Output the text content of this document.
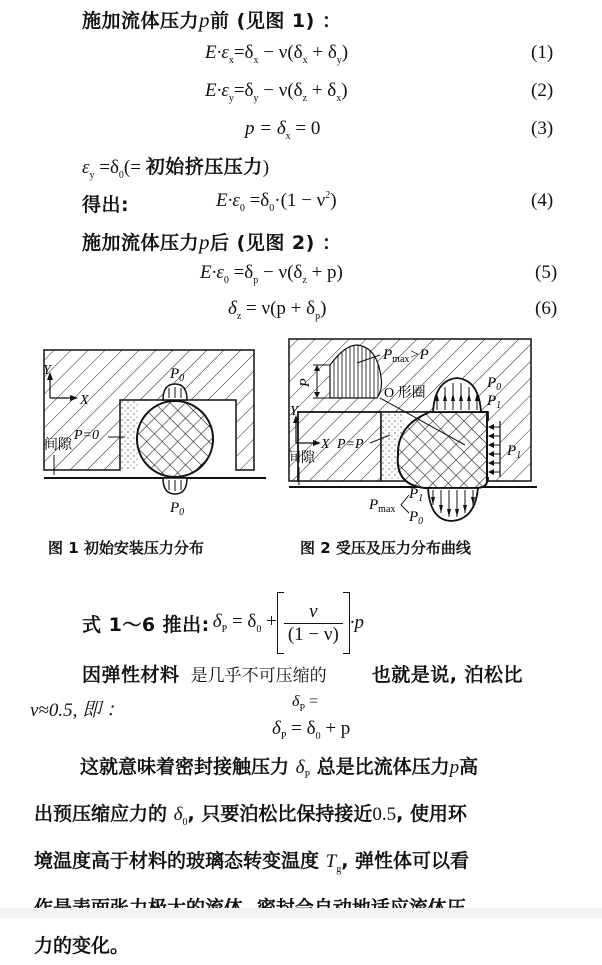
施加流体压力p前 (见图 1) ：
$E\cdot\varepsilon_x=\delta_x - \nu(\delta_x + \delta_y)$	(1)
$E\cdot\varepsilon_y=\delta_y - \nu(\delta_z + \delta_x)$	(2)
$p = \delta_x = 0$	(3)
$\varepsilon_y =\delta_0(=$ 初始挤压压力)
得出:	$E\cdot\varepsilon_0 =\delta_0\cdot(1 - \nu^2)$	(4)
施加流体压力p后 (见图 2) ：
$E\cdot\varepsilon_0 =\delta_p - \nu(\delta_z + p)$	(5)
$\delta_z = \nu(p + \delta_p)$	(6)
Y
X
间隙
P=0
$P_0$
$P_0$
P
$P_{max}>P$
O 形圈
$P_0$
$P_1$
$P_1$
Y
X P=P
间隙
$P_{max}$
$P_1$
$P_0$
图 1 初始安装压力分布	图 2 受压及压力分布曲线
式 1〜6 推出: $\delta_P = \delta_0 + \frac{\nu}{(1 - \nu)} \cdot p$
因弹性材料 是几乎不可压缩的 也就是说, 泊松比
ν≈0.5, 即 ：	$\delta_P$ =
$\delta_P = \delta_0 + p$
这就意味着密封接触压力 $\delta_P$ 总是比流体压力p高
出预压缩应力的 $\delta_0$, 只要泊松比保持接近0.5, 使用环
境温度高于材料的玻璃态转变温度 $T_g$, 弹性体可以看
力的变化。
